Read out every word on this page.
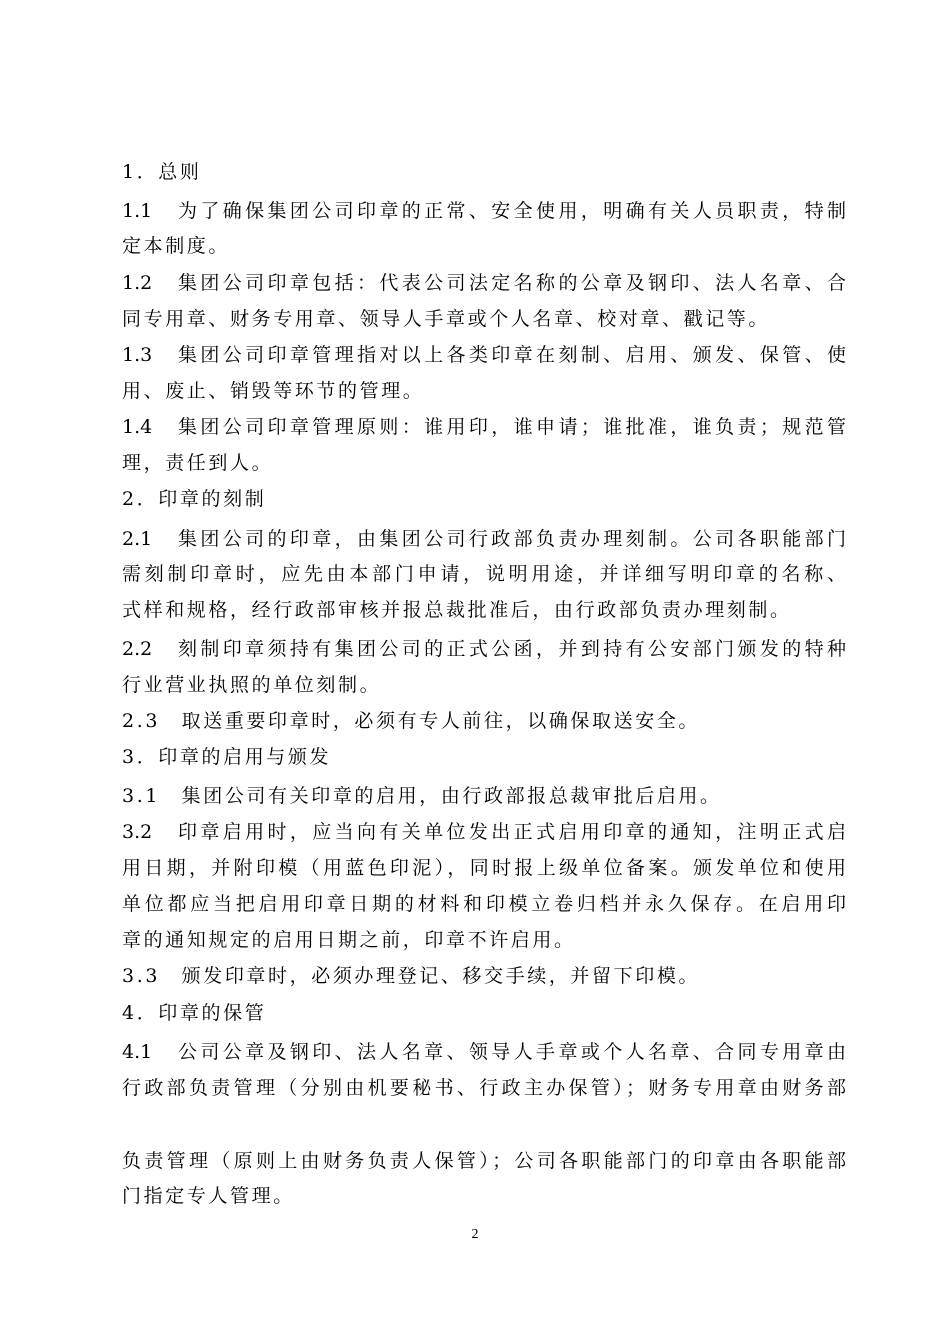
1．总则
1.1　为了确保集团公司印章的正常、安全使用，明确有关人员职责，特制
定本制度。
1.2　集团公司印章包括：代表公司法定名称的公章及钢印、法人名章、合
同专用章、财务专用章、领导人手章或个人名章、校对章、戳记等。
1.3　集团公司印章管理指对以上各类印章在刻制、启用、颁发、保管、使
用、废止、销毁等环节的管理。
1.4　集团公司印章管理原则：谁用印，谁申请；谁批准，谁负责；规范管
理，责任到人。
2．印章的刻制
2.1　集团公司的印章，由集团公司行政部负责办理刻制。公司各职能部门
需刻制印章时，应先由本部门申请，说明用途，并详细写明印章的名称、
式样和规格，经行政部审核并报总裁批准后，由行政部负责办理刻制。
2.2　刻制印章须持有集团公司的正式公函，并到持有公安部门颁发的特种
行业营业执照的单位刻制。
2.3　取送重要印章时，必须有专人前往，以确保取送安全。
3．印章的启用与颁发
3.1　集团公司有关印章的启用，由行政部报总裁审批后启用。
3.2　印章启用时，应当向有关单位发出正式启用印章的通知，注明正式启
用日期，并附印模（用蓝色印泥），同时报上级单位备案。颁发单位和使用
单位都应当把启用印章日期的材料和印模立卷归档并永久保存。在启用印
章的通知规定的启用日期之前，印章不许启用。
3.3　颁发印章时，必须办理登记、移交手续，并留下印模。
4．印章的保管
4.1　公司公章及钢印、法人名章、领导人手章或个人名章、合同专用章由
行政部负责管理（分别由机要秘书、行政主办保管）；财务专用章由财务部
负责管理（原则上由财务负责人保管）；公司各职能部门的印章由各职能部
门指定专人管理。
2
